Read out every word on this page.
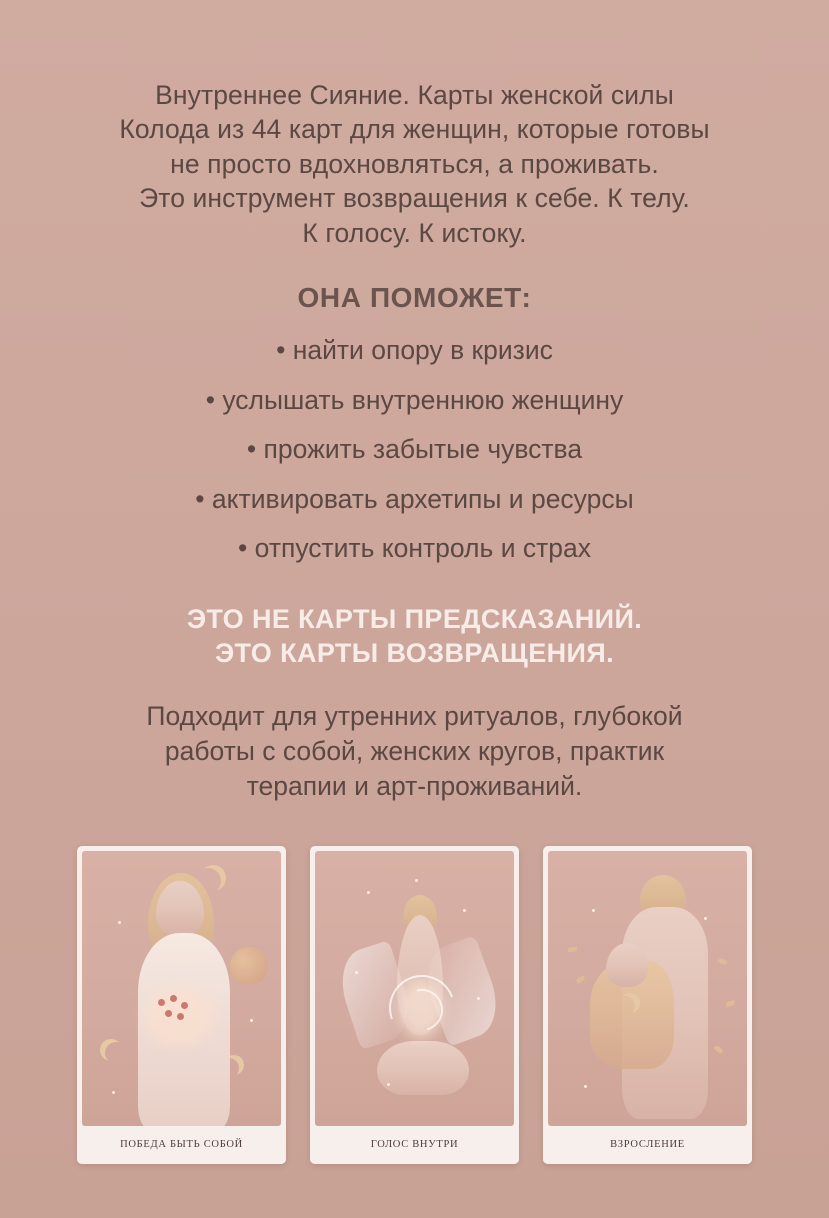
Внутреннее Сияние. Карты женской силы
Колода из 44 карт для женщин, которые готовы
не просто вдохновляться, а проживать.
Это инструмент возвращения к себе. К телу.
К голосу. К истоку.
ОНА ПОМОЖЕТ:
• найти опору в кризис
• услышать внутреннюю женщину
• прожить забытые чувства
• активировать архетипы и ресурсы
• отпустить контроль и страх
ЭТО НЕ КАРТЫ ПРЕДСКАЗАНИЙ.
ЭТО КАРТЫ ВОЗВРАЩЕНИЯ.
Подходит для утренних ритуалов, глубокой
работы с собой, женских кругов, практик
терапии и арт-проживаний.
ПОБЕДА БЫТЬ СОБОЙ	ГОЛОС ВНУТРИ	ВЗРОСЛЕНИЕ
